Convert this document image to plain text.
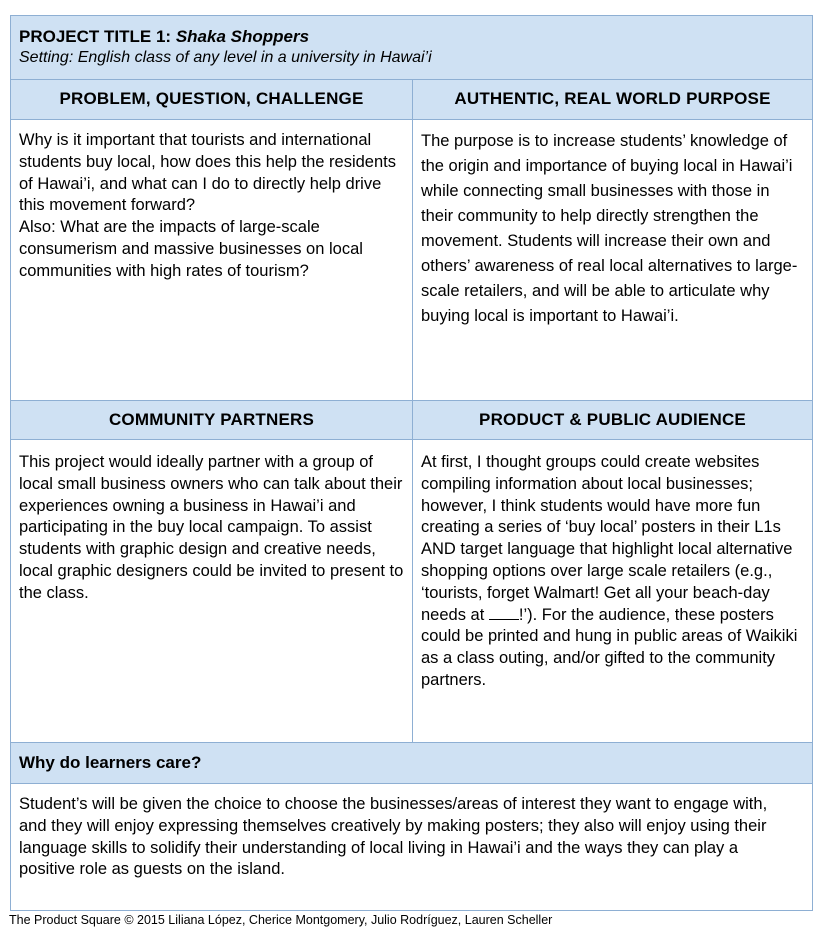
PROJECT TITLE 1: Shaka Shoppers

Setting: English class of any level in a university in Hawai’i

PROBLEM, QUESTION, CHALLENGE	AUTHENTIC, REAL WORLD PURPOSE

Why is it important that tourists and international students buy local, how does this help the residents of Hawai’i, and what can I do to directly help drive this movement forward?

Also: What are the impacts of large-scale consumerism and massive businesses on local communities with high rates of tourism?

The purpose is to increase students’ knowledge of the origin and importance of buying local in Hawai’i while connecting small businesses with those in their community to help directly strengthen the movement. Students will increase their own and others’ awareness of real local alternatives to large-scale retailers, and will be able to articulate why buying local is important to Hawai’i.

COMMUNITY PARTNERS	PRODUCT & PUBLIC AUDIENCE

This project would ideally partner with a group of local small business owners who can talk about their experiences owning a business in Hawai’i and participating in the buy local campaign. To assist students with graphic design and creative needs, local graphic designers could be invited to present to the class.

At first, I thought groups could create websites compiling information about local businesses; however, I think students would have more fun creating a series of ‘buy local’ posters in their L1s AND target language that highlight local alternative shopping options over large scale retailers (e.g., ‘tourists, forget Walmart! Get all your beach-day needs at !’). For the audience, these posters could be printed and hung in public areas of Waikiki as a class outing, and/or gifted to the community partners.

Why do learners care?

Student’s will be given the choice to choose the businesses/areas of interest they want to engage with, and they will enjoy expressing themselves creatively by making posters; they also will enjoy using their language skills to solidify their understanding of local living in Hawai’i and the ways they can play a positive role as guests on the island.

The Product Square © 2015 Liliana López, Cherice Montgomery, Julio Rodríguez, Lauren Scheller
